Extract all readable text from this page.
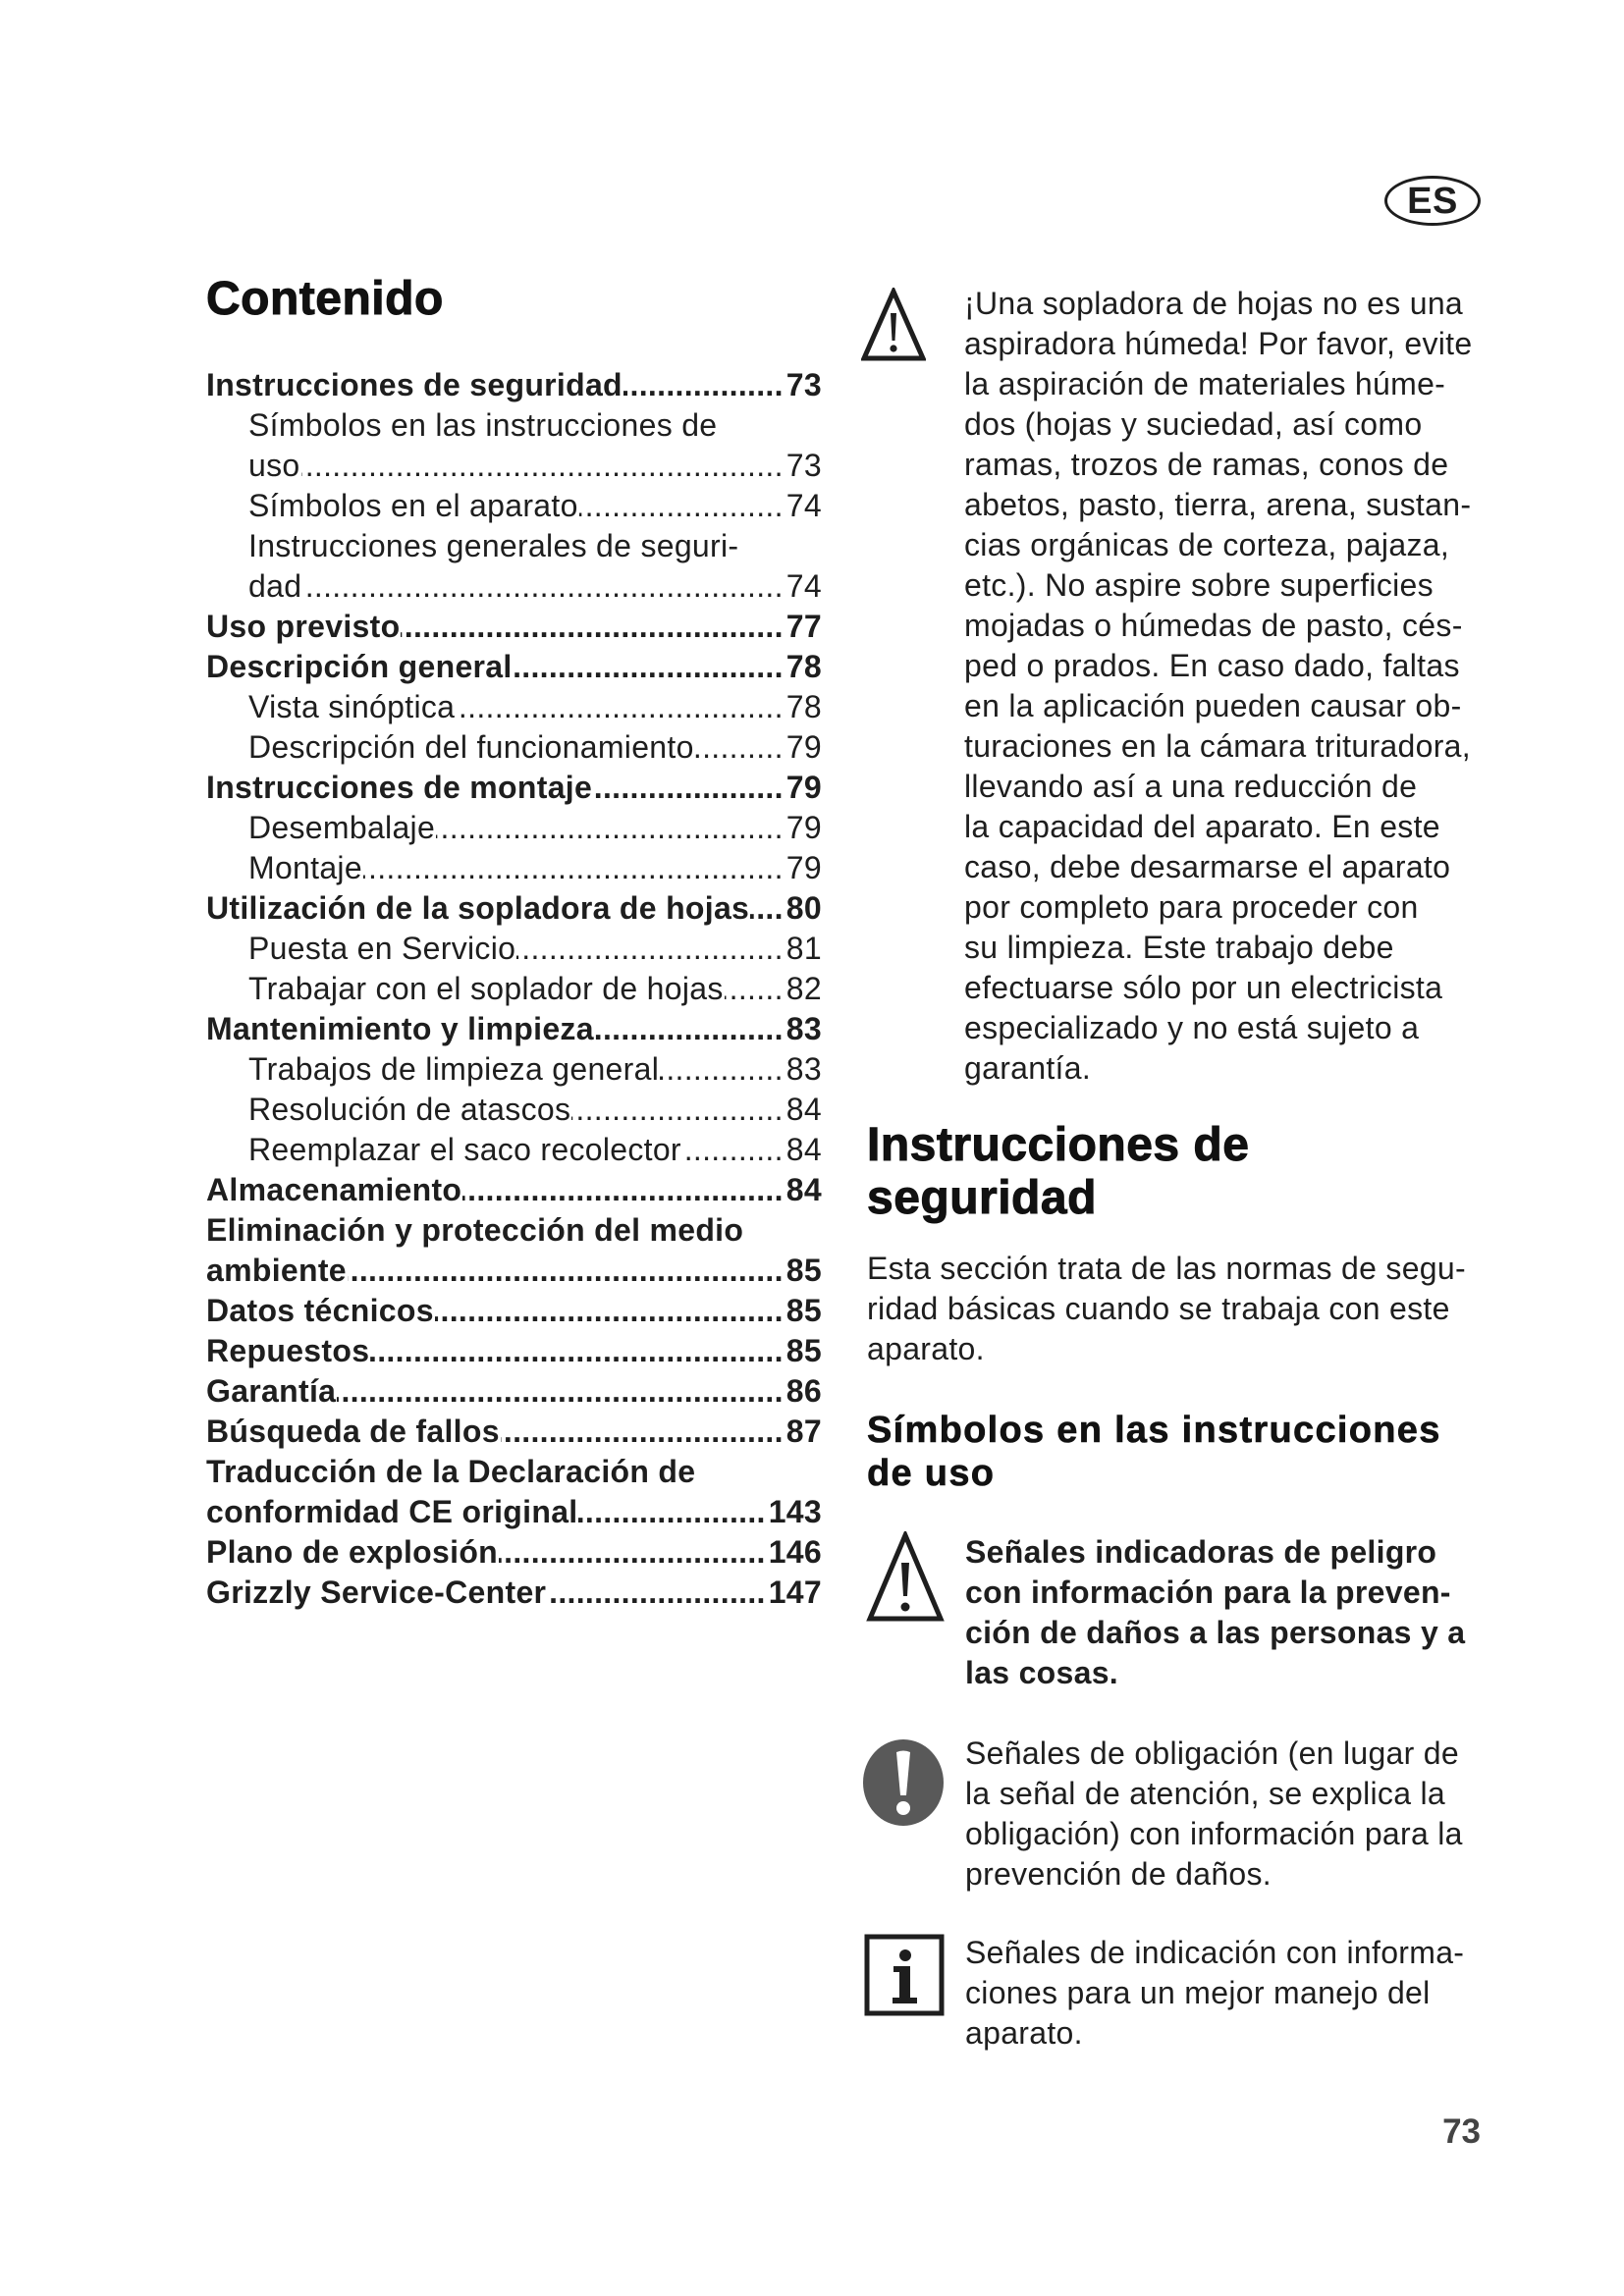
ES
Contenido
Instrucciones de seguridad .....	73
Símbolos en las instrucciones de
uso .....	73
Símbolos en el aparato .....	74
Instrucciones generales de seguri-
dad .....	74
Uso previsto .....	77
Descripción general .....	78
Vista sinóptica .....	78
Descripción del funcionamiento .....	79
Instrucciones de montaje .....	79
Desembalaje .....	79
Montaje .....	79
Utilización de la sopladora de hojas ..... 80
Puesta en Servicio .....	81
Trabajar con el soplador de hojas ..... 82
Mantenimiento y limpieza .....	83
Trabajos de limpieza general .....	83
Resolución de atascos .....	84
Reemplazar el saco recolector .....	84
Almacenamiento .....	84
Eliminación y protección del medio
ambiente .....	85
Datos técnicos .....	85
Repuestos .....	85
Garantía .....	86
Búsqueda de fallos .....	87
Traducción de la Declaración de
conformidad CE original .....	143
Plano de explosión .....	146
Grizzly Service-Center .....	147
¡Una sopladora de hojas no es una
aspiradora húmeda! Por favor, evite
la aspiración de materiales húme-
dos (hojas y suciedad, así como
ramas, trozos de ramas, conos de
abetos, pasto, tierra, arena, sustan-
cias orgánicas de corteza, pajaza,
etc.). No aspire sobre superficies
mojadas o húmedas de pasto, cés-
ped o prados. En caso dado, faltas
en la aplicación pueden causar ob-
turaciones en la cámara trituradora,
llevando así a una reducción de
la capacidad del aparato. En este
caso, debe desarmarse el aparato
por completo para proceder con
su limpieza. Este trabajo debe
efectuarse sólo por un electricista
especializado y no está sujeto a
garantía.
Instrucciones de
seguridad
Esta sección trata de las normas de segu-
ridad básicas cuando se trabaja con este
aparato.
Símbolos en las instrucciones
de uso
Señales indicadoras de peligro
con información para la preven-
ción de daños a las personas y a
las cosas.
Señales de obligación (en lugar de
la señal de atención, se explica la
obligación) con información para la
prevención de daños.
Señales de indicación con informa-
ciones para un mejor manejo del
aparato.
73
